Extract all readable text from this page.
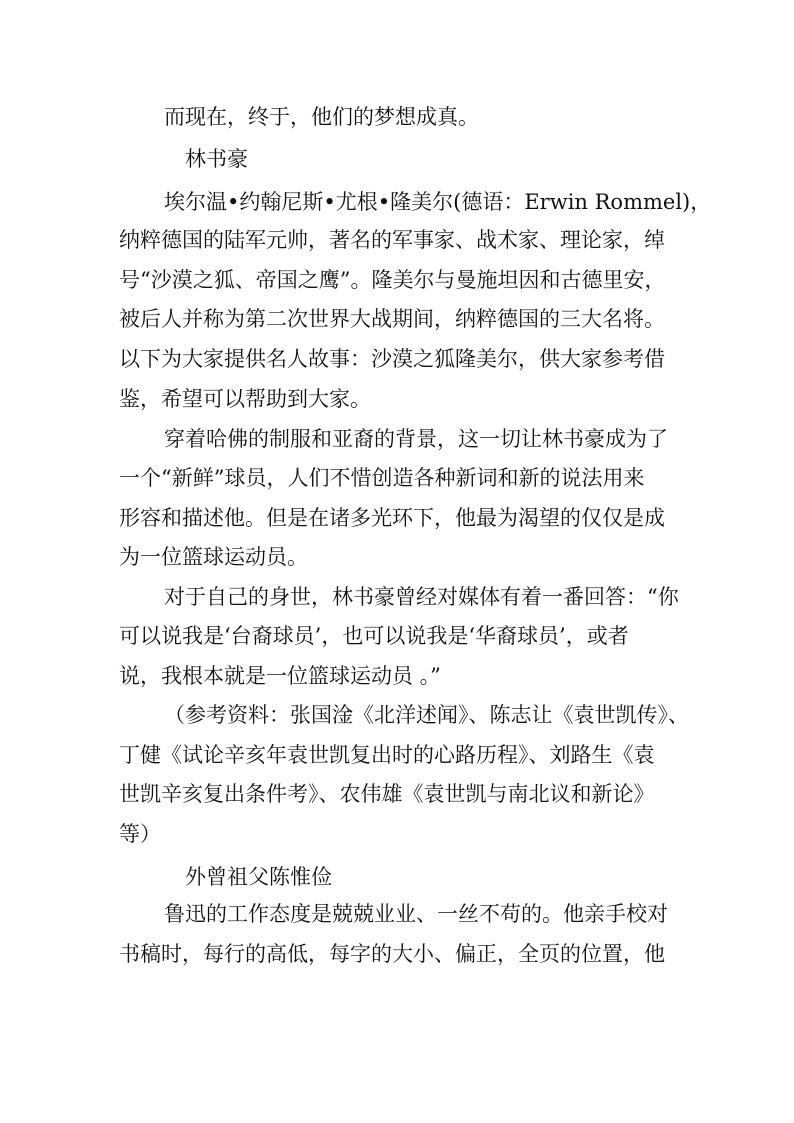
而现在，终于，他们的梦想成真。
林书豪
埃尔温•约翰尼斯•尤根•隆美尔(德语：Erwin Rommel)，
纳粹德国的陆军元帅，著名的军事家、战术家、理论家，绰
号“沙漠之狐、帝国之鹰”。隆美尔与曼施坦因和古德里安，
被后人并称为第二次世界大战期间，纳粹德国的三大名将。
以下为大家提供名人故事：沙漠之狐隆美尔，供大家参考借
鉴，希望可以帮助到大家。
穿着哈佛的制服和亚裔的背景，这一切让林书豪成为了
一个“新鲜”球员，人们不惜创造各种新词和新的说法用来
形容和描述他。但是在诸多光环下，他最为渴望的仅仅是成
为一位篮球运动员。
对于自己的身世，林书豪曾经对媒体有着一番回答：“你
可以说我是‘台裔球员’，也可以说我是‘华裔球员’，或者
说，我根本就是一位篮球运动员 。”
（参考资料：张国淦《北洋述闻》、陈志让《袁世凯传》、
丁健《试论辛亥年袁世凯复出时的心路历程》、刘路生《袁
世凯辛亥复出条件考》、农伟雄《袁世凯与南北议和新论》
等）
外曾祖父陈惟俭
鲁迅的工作态度是兢兢业业、一丝不苟的。他亲手校对
书稿时，每行的高低，每字的大小、偏正，全页的位置，他
